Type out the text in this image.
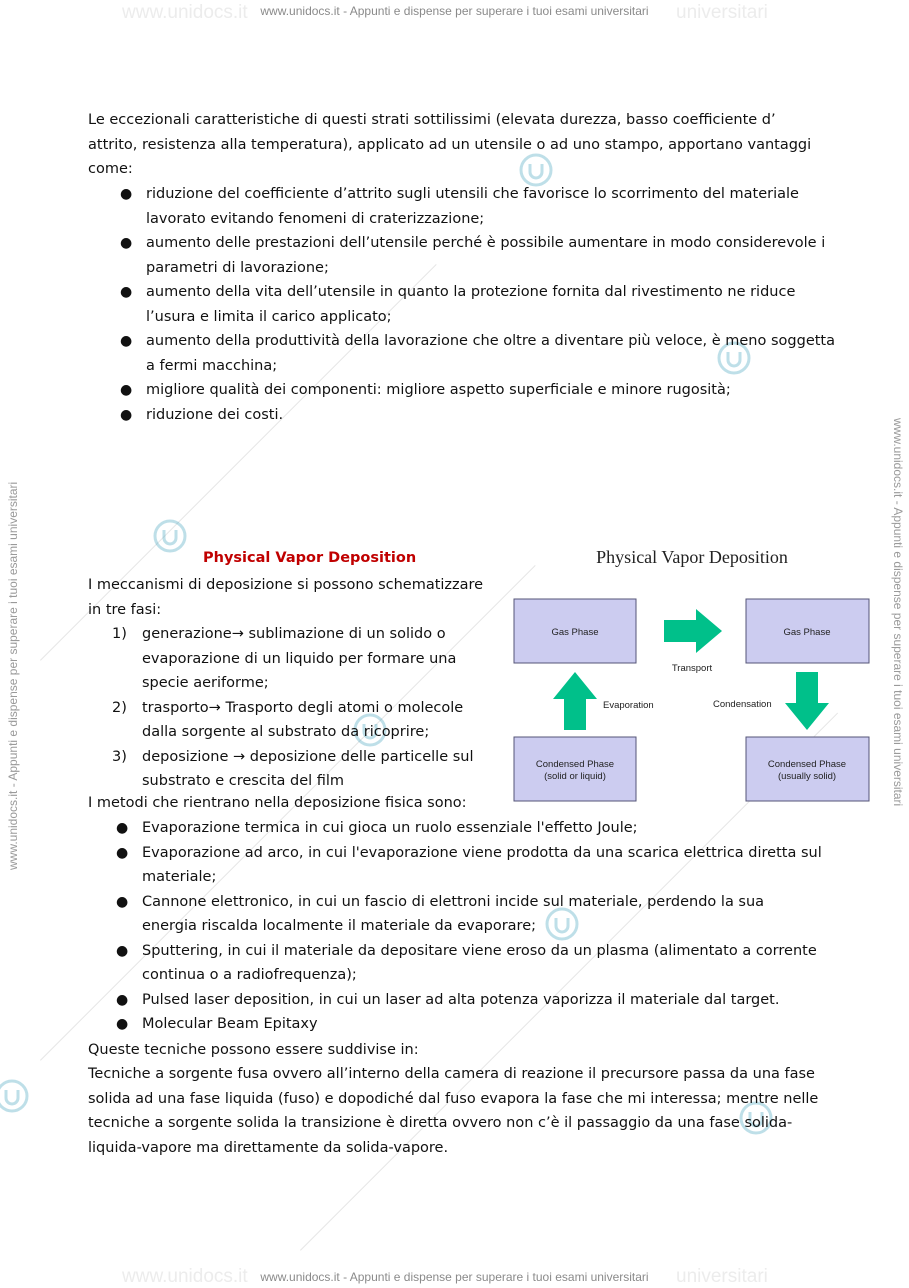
www.unidocs.it	universitari
www.unidocs.it - Appunti e dispense per superare i tuoi esami universitari
www.unidocs.it	universitari
www.unidocs.it - Appunti e dispense per superare i tuoi esami universitari
www.unidocs.it - Appunti e dispense per superare i tuoi esami universitari	www.unidocs.it - Appunti e dispense per superare i tuoi esami universitari

Le eccezionali caratteristiche di questi strati sottilissimi (elevata durezza, basso coefficiente d’ attrito, resistenza alla temperatura), applicato ad un utensile o ad uno stampo, apportano vantaggi come:

● riduzione del coefficiente d’attrito sugli utensili che favorisce lo scorrimento del materiale lavorato evitando fenomeni di craterizzazione;
● aumento delle prestazioni dell’utensile perché è possibile aumentare in modo considerevole i parametri di lavorazione;
● aumento della vita dell’utensile in quanto la protezione fornita dal rivestimento ne riduce l’usura e limita il carico applicato;
● aumento della produttività della lavorazione che oltre a diventare più veloce, è meno soggetta a fermi macchina;
● migliore qualità dei componenti: migliore aspetto superficiale e minore rugosità;
● riduzione dei costi.
Physical Vapor Deposition

I meccanismi di deposizione si possono schematizzare in tre fasi:

1) generazione→ sublimazione di un solido o evaporazione di un liquido per formare una specie aeriforme;
2) trasporto→ Trasporto degli atomi o molecole dalla sorgente al substrato da ricoprire;
3) deposizione → deposizione delle particelle sul substrato e crescita del film

I metodi che rientrano nella deposizione fisica sono:

● Evaporazione termica in cui gioca un ruolo essenziale l'effetto Joule;
● Evaporazione ad arco, in cui l'evaporazione viene prodotta da una scarica elettrica diretta sul materiale;
● Cannone elettronico, in cui un fascio di elettroni incide sul materiale, perdendo la sua energia riscalda localmente il materiale da evaporare;
● Sputtering, in cui il materiale da depositare viene eroso da un plasma (alimentato a corrente continua o a radiofrequenza);
● Pulsed laser deposition, in cui un laser ad alta potenza vaporizza il materiale dal target.
● Molecular Beam Epitaxy

Queste tecniche possono essere suddivise in:

Tecniche a sorgente fusa ovvero all’interno della camera di reazione il precursore passa da una fase solida ad una fase liquida (fuso) e dopodiché dal fuso evapora la fase che mi interessa; mentre nelle tecniche a sorgente solida la transizione è diretta ovvero non c’è il passaggio da una fase solida-liquida-vapore ma direttamente da solida-vapore.

Physical Vapor Deposition
Gas Phase	Gas Phase
Condensed Phase
(solid or liquid)
Condensed Phase
(usually solid)
Transport
Evaporation	Condensation
